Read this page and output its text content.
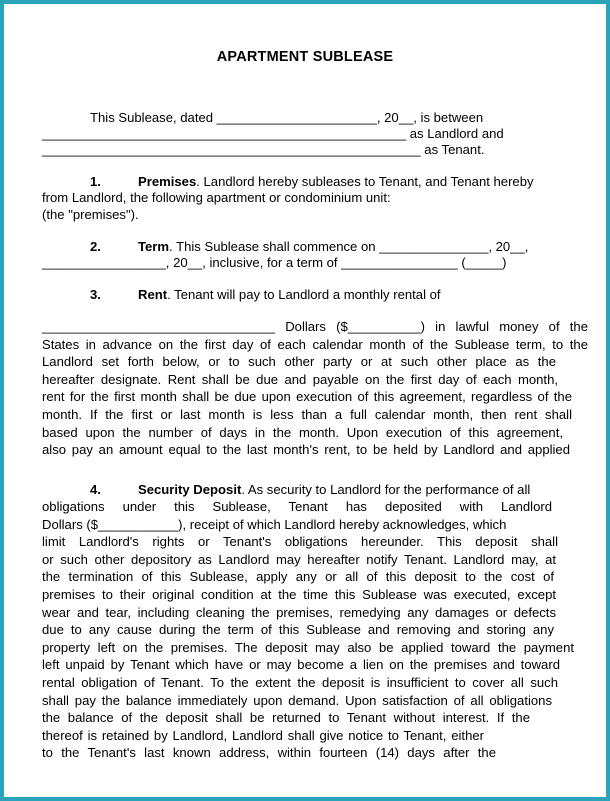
APARTMENT SUBLEASE
This Sublease, dated ______________________, 20__, is between
__________________________________________________ as Landlord and
____________________________________________________ as Tenant.
1.	Premises. Landlord hereby subleases to Tenant, and Tenant hereby
from Landlord, the following apartment or condominium unit:
(the "premises").
2.	Term. This Sublease shall commence on _______________, 20__,
_________________, 20__, inclusive, for a term of ________________ (_____)
3.	Rent. Tenant will pay to Landlord a monthly rental of
________________________________ Dollars ($__________) in lawful money of the
States in advance on the first day of each calendar month of the Sublease term, to the
Landlord set forth below, or to such other party or at such other place as the
hereafter designate. Rent shall be due and payable on the first day of each month,
rent for the first month shall be due upon execution of this agreement, regardless of the
month. If the first or last month is less than a full calendar month, then rent shall
based upon the number of days in the month. Upon execution of this agreement,
also pay an amount equal to the last month's rent, to be held by Landlord and applied
4.	Security Deposit. As security to Landlord for the performance of all
obligations under this Sublease, Tenant has deposited with Landlord
Dollars ($___________), receipt of which Landlord hereby acknowledges, which
limit Landlord's rights or Tenant's obligations hereunder. This deposit shall
or such other depository as Landlord may hereafter notify Tenant. Landlord may, at
the termination of this Sublease, apply any or all of this deposit to the cost of
premises to their original condition at the time this Sublease was executed, except
wear and tear, including cleaning the premises, remedying any damages or defects
due to any cause during the term of this Sublease and removing and storing any
property left on the premises. The deposit may also be applied toward the payment
left unpaid by Tenant which have or may become a lien on the premises and toward
rental obligation of Tenant. To the extent the deposit is insufficient to cover all such
shall pay the balance immediately upon demand. Upon satisfaction of all obligations
the balance of the deposit shall be returned to Tenant without interest. If the
thereof is retained by Landlord, Landlord shall give notice to Tenant, either
to the Tenant's last known address, within fourteen (14) days after the
